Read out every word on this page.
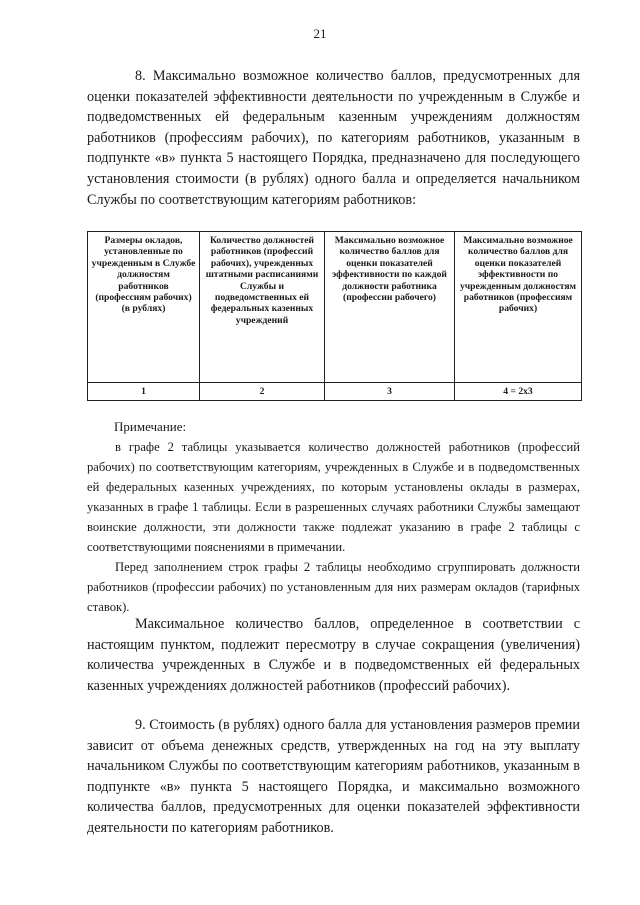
21

8. Максимально возможное количество баллов, предусмотренных для оценки показателей эффективности деятельности по учрежденным в Службе и подведомственных ей федеральным казенным учреждениям должностям работников (профессиям рабочих), по категориям работников, указанным в подпункте «в» пункта 5 настоящего Порядка, предназначено для последующего установления стоимости (в рублях) одного балла и определяется начальником Службы по соответствующим категориям работников:

Размеры окладов, установленные по учрежденным в Службе должностям работников (профессиям рабочих) (в рублях)	Количество должностей работников (профессий рабочих), учрежденных штатными расписаниями Службы и подведомственных ей федеральных казенных учреждений	Максимально возможное количество баллов для оценки показателей эффективности по каждой должности работника (профессии рабочего)	Максимально возможное количество баллов для оценки показателей эффективности по учрежденным должностям работников (профессиям рабочих)
1	2	3	4 = 2x3
Примечание:

в графе 2 таблицы указывается количество должностей работников (профессий рабочих) по соответствующим категориям, учрежденных в Службе и в подведомственных ей федеральных казенных учреждениях, по которым установлены оклады в размерах, указанных в графе 1 таблицы. Если в разрешенных случаях работники Службы замещают воинские должности, эти должности также подлежат указанию в графе 2 таблицы с соответствующими пояснениями в примечании.

Перед заполнением строк графы 2 таблицы необходимо сгруппировать должности работников (профессии рабочих) по установленным для них размерам окладов (тарифных ставок).

Максимальное количество баллов, определенное в соответствии с настоящим пунктом, подлежит пересмотру в случае сокращения (увеличения) количества учрежденных в Службе и в подведомственных ей федеральных казенных учреждениях должностей работников (профессий рабочих).

9. Стоимость (в рублях) одного балла для установления размеров премии зависит от объема денежных средств, утвержденных на год на эту выплату начальником Службы по соответствующим категориям работников, указанным в подпункте «в» пункта 5 настоящего Порядка, и максимально возможного количества баллов, предусмотренных для оценки показателей эффективности деятельности по категориям работников.
